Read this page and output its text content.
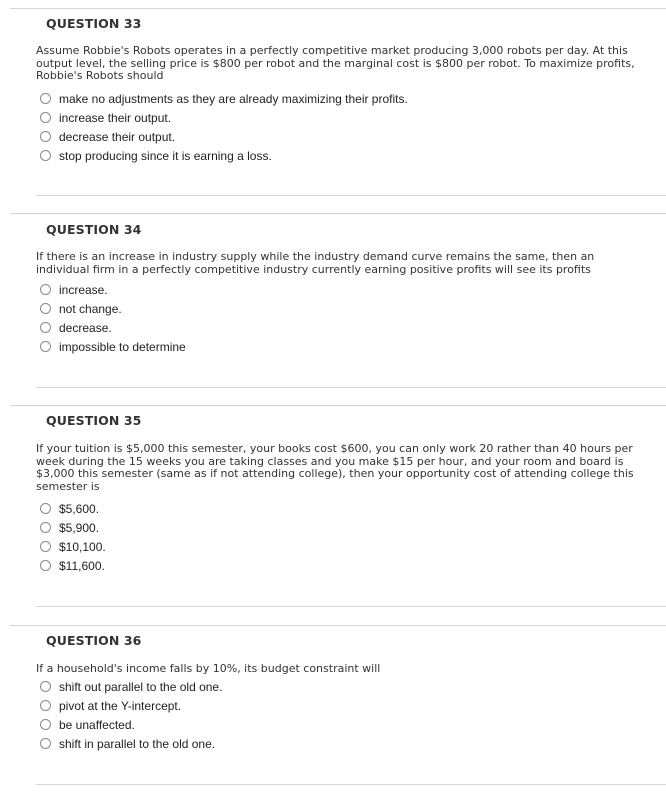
QUESTION 33
Assume Robbie's Robots operates in a perfectly competitive market producing 3,000 robots per day. At this output level, the selling price is $800 per robot and the marginal cost is $800 per robot. To maximize profits, Robbie's Robots should
make no adjustments as they are already maximizing their profits.
increase their output.
decrease their output.
stop producing since it is earning a loss.
QUESTION 34
If there is an increase in industry supply while the industry demand curve remains the same, then an individual firm in a perfectly competitive industry currently earning positive profits will see its profits
increase.
not change.
decrease.
impossible to determine
QUESTION 35
If your tuition is $5,000 this semester, your books cost $600, you can only work 20 rather than 40 hours per week during the 15 weeks you are taking classes and you make $15 per hour, and your room and board is $3,000 this semester (same as if not attending college), then your opportunity cost of attending college this semester is
$5,600.
$5,900.
$10,100.
$11,600.
QUESTION 36
If a household's income falls by 10%, its budget constraint will
shift out parallel to the old one.
pivot at the Y-intercept.
be unaffected.
shift in parallel to the old one.
